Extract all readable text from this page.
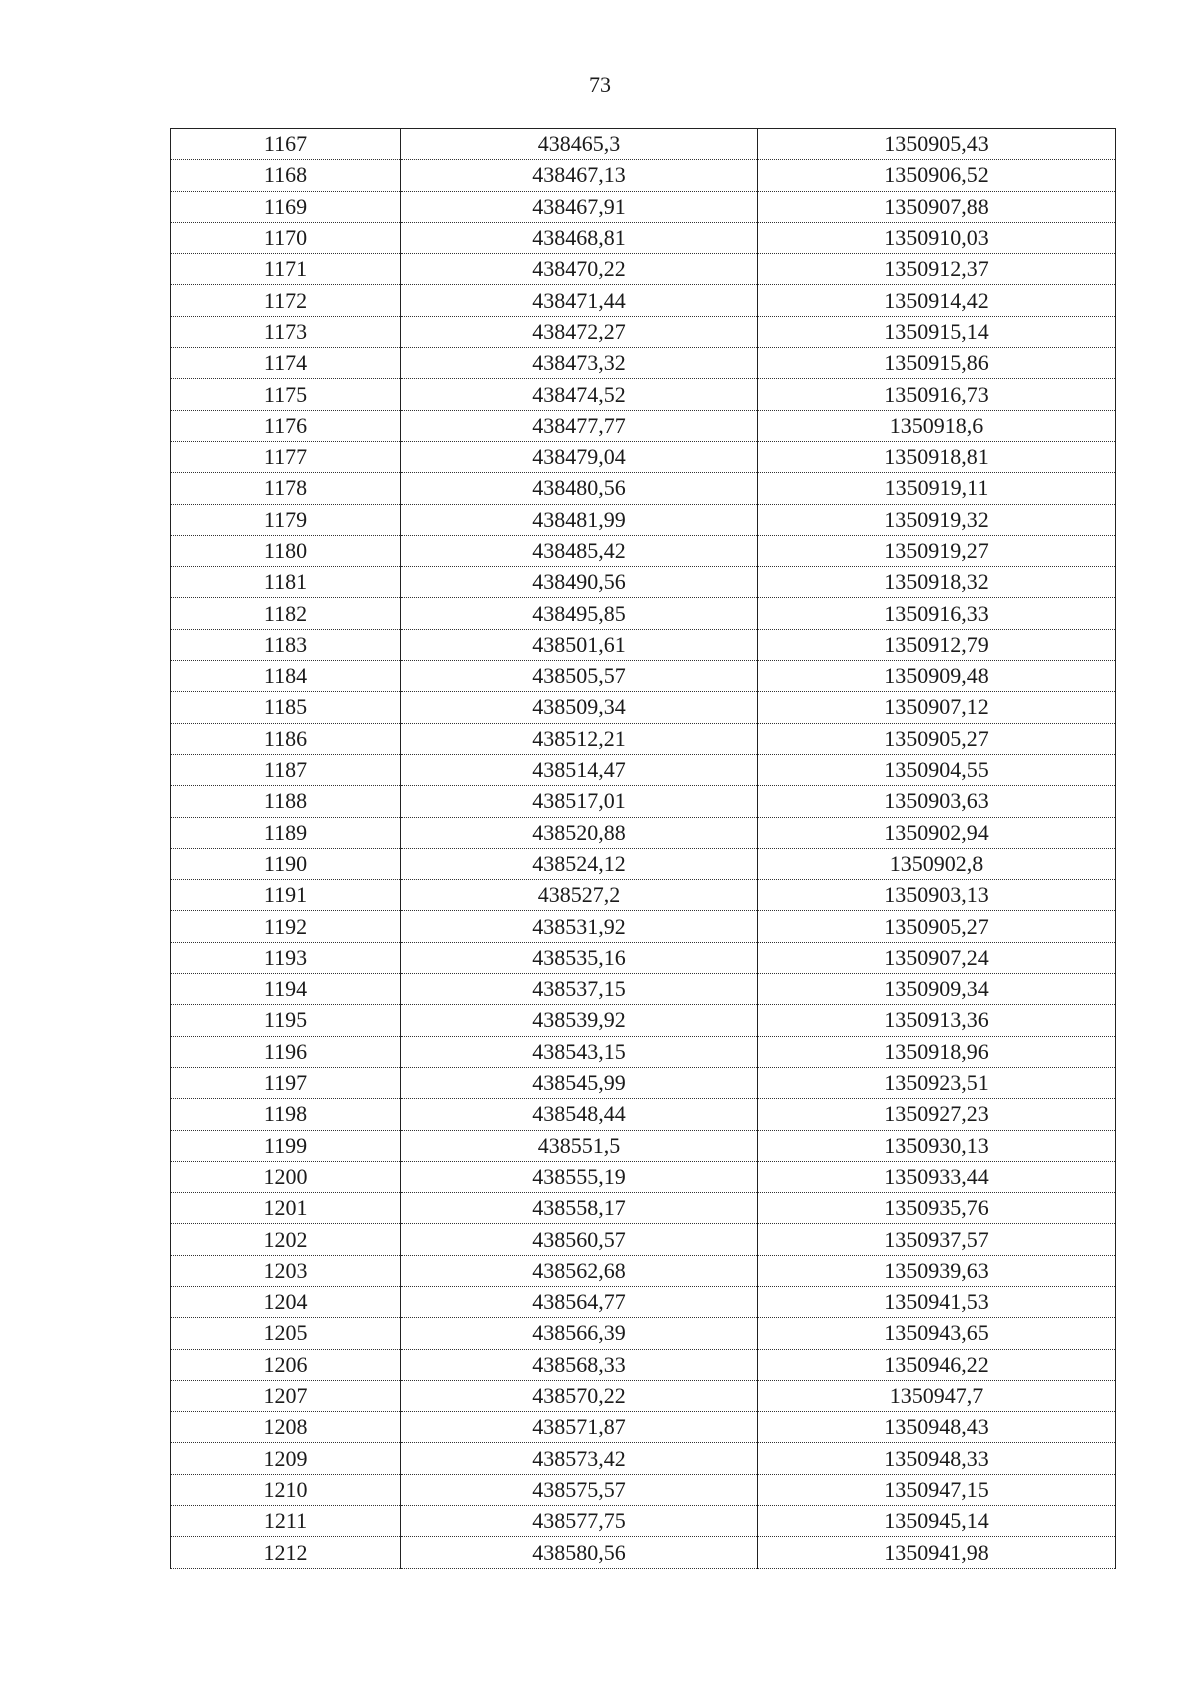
73
1167	438465,3	1350905,43
1168	438467,13	1350906,52
1169	438467,91	1350907,88
1170	438468,81	1350910,03
1171	438470,22	1350912,37
1172	438471,44	1350914,42
1173	438472,27	1350915,14
1174	438473,32	1350915,86
1175	438474,52	1350916,73
1176	438477,77	1350918,6
1177	438479,04	1350918,81
1178	438480,56	1350919,11
1179	438481,99	1350919,32
1180	438485,42	1350919,27
1181	438490,56	1350918,32
1182	438495,85	1350916,33
1183	438501,61	1350912,79
1184	438505,57	1350909,48
1185	438509,34	1350907,12
1186	438512,21	1350905,27
1187	438514,47	1350904,55
1188	438517,01	1350903,63
1189	438520,88	1350902,94
1190	438524,12	1350902,8
1191	438527,2	1350903,13
1192	438531,92	1350905,27
1193	438535,16	1350907,24
1194	438537,15	1350909,34
1195	438539,92	1350913,36
1196	438543,15	1350918,96
1197	438545,99	1350923,51
1198	438548,44	1350927,23
1199	438551,5	1350930,13
1200	438555,19	1350933,44
1201	438558,17	1350935,76
1202	438560,57	1350937,57
1203	438562,68	1350939,63
1204	438564,77	1350941,53
1205	438566,39	1350943,65
1206	438568,33	1350946,22
1207	438570,22	1350947,7
1208	438571,87	1350948,43
1209	438573,42	1350948,33
1210	438575,57	1350947,15
1211	438577,75	1350945,14
1212	438580,56	1350941,98
